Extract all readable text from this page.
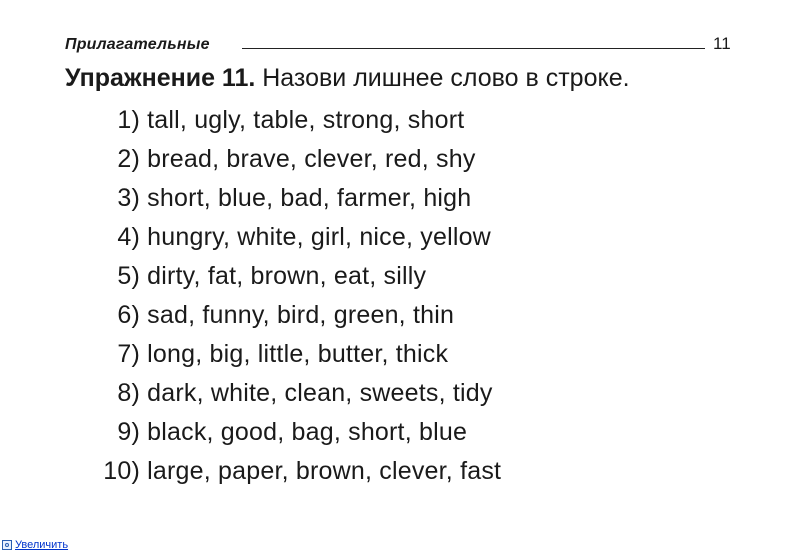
Прилагательные	11
Упражнение 11. Назови лишнее слово в строке.
1) tall, ugly, table, strong, short
2) bread, brave, clever, red, shy
3) short, blue, bad, farmer, high
4) hungry, white, girl, nice, yellow
5) dirty, fat, brown, eat, silly
6) sad, funny, bird, green, thin
7) long, big, little, butter, thick
8) dark, white, clean, sweets, tidy
9) black, good, bag, short, blue
10) large, paper, brown, clever, fast
Увеличить
